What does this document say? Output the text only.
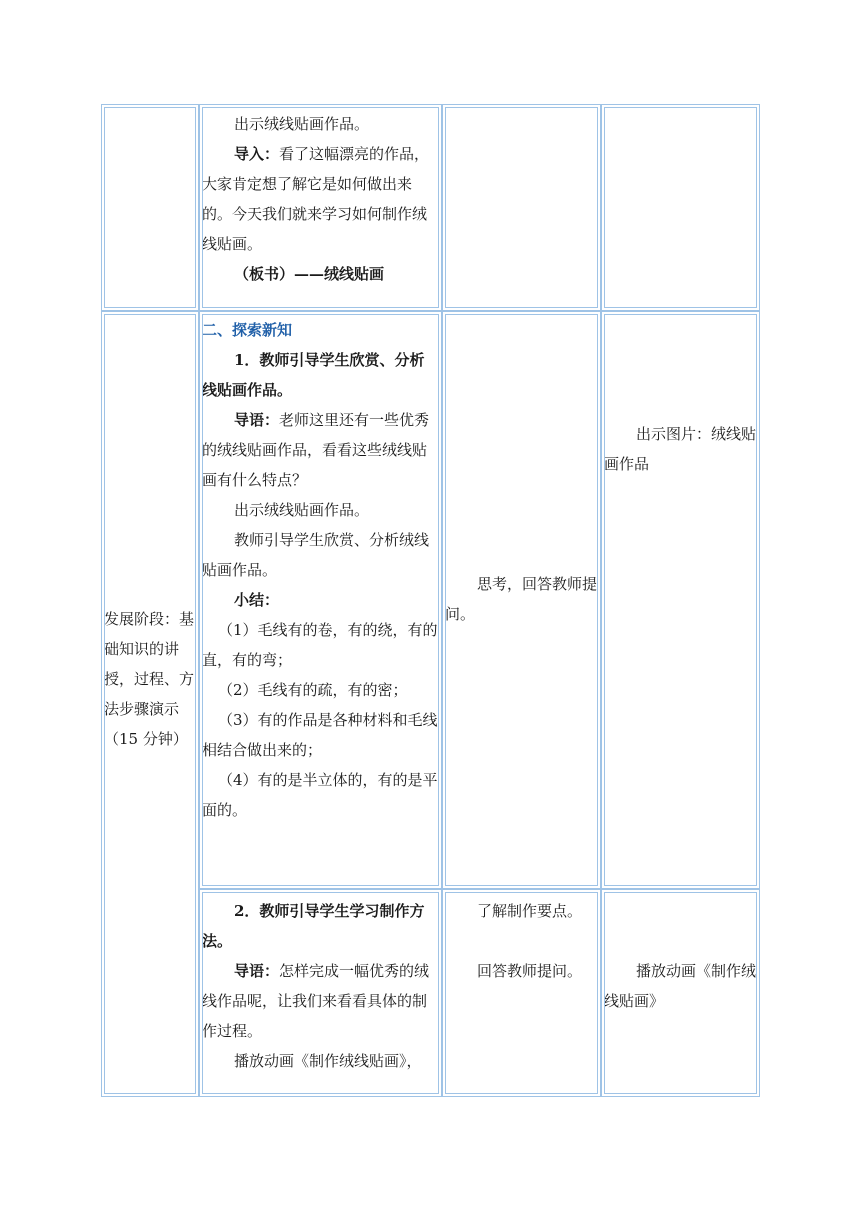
出示绒线贴画作品。

导入：看了这幅漂亮的作品，大家肯定想了解它是如何做出来的。今天我们就来学习如何制作绒线贴画。

（板书）——绒线贴画

发展阶段：基础知识的讲授，过程、方法步骤演示 （15 分钟）

二、探索新知

1．教师引导学生欣赏、分析线贴画作品。

导语：老师这里还有一些优秀的绒线贴画作品，看看这些绒线贴画有什么特点？

出示绒线贴画作品。

教师引导学生欣赏、分析绒线贴画作品。

小结：

（1）毛线有的卷，有的绕，有的直，有的弯；

（2）毛线有的疏，有的密；

（3）有的作品是各种材料和毛线相结合做出来的；

（4）有的是半立体的，有的是平面的。

思考，回答教师提问。

出示图片：绒线贴画作品

2．教师引导学生学习制作方法。

导语：怎样完成一幅优秀的绒线作品呢，让我们来看看具体的制作过程。

播放动画《制作绒线贴画》，

了解制作要点。

回答教师提问。	播放动画《制作绒线贴画》
